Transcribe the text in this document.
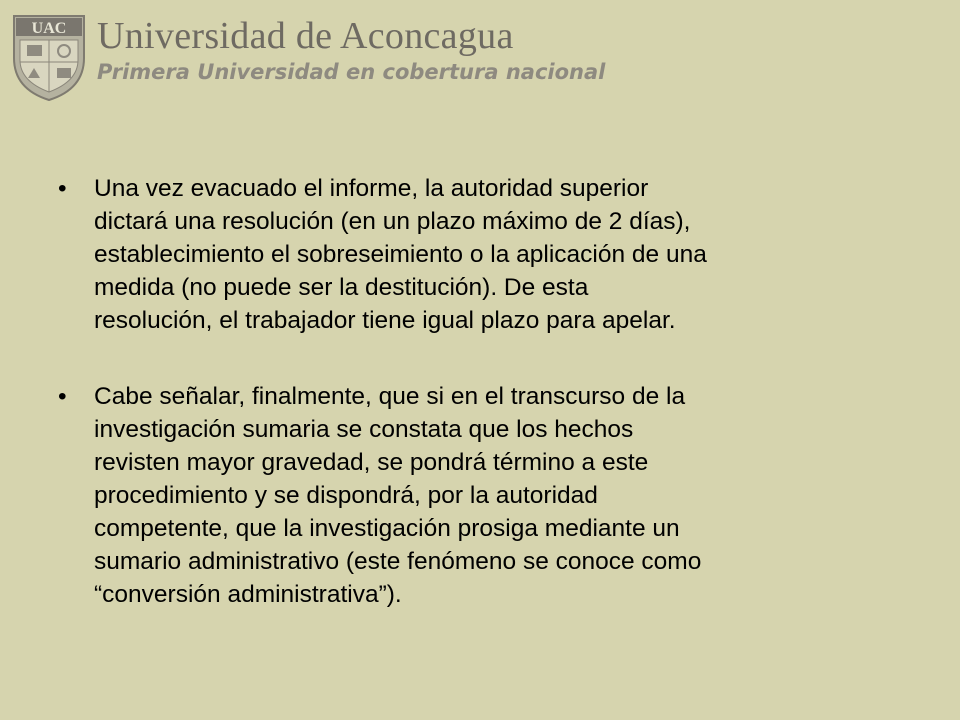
UAC Universidad de Aconcagua
Primera Universidad en cobertura nacional
• Una vez evacuado el informe, la autoridad superior
dictará una resolución (en un plazo máximo de 2 días),
establecimiento el sobreseimiento o la aplicación de una
medida (no puede ser la destitución). De esta
resolución, el trabajador tiene igual plazo para apelar.
• Cabe señalar, finalmente, que si en el transcurso de la
investigación sumaria se constata que los hechos
revisten mayor gravedad, se pondrá término a este
procedimiento y se dispondrá, por la autoridad
competente, que la investigación prosiga mediante un
sumario administrativo (este fenómeno se conoce como
“conversión administrativa”).
